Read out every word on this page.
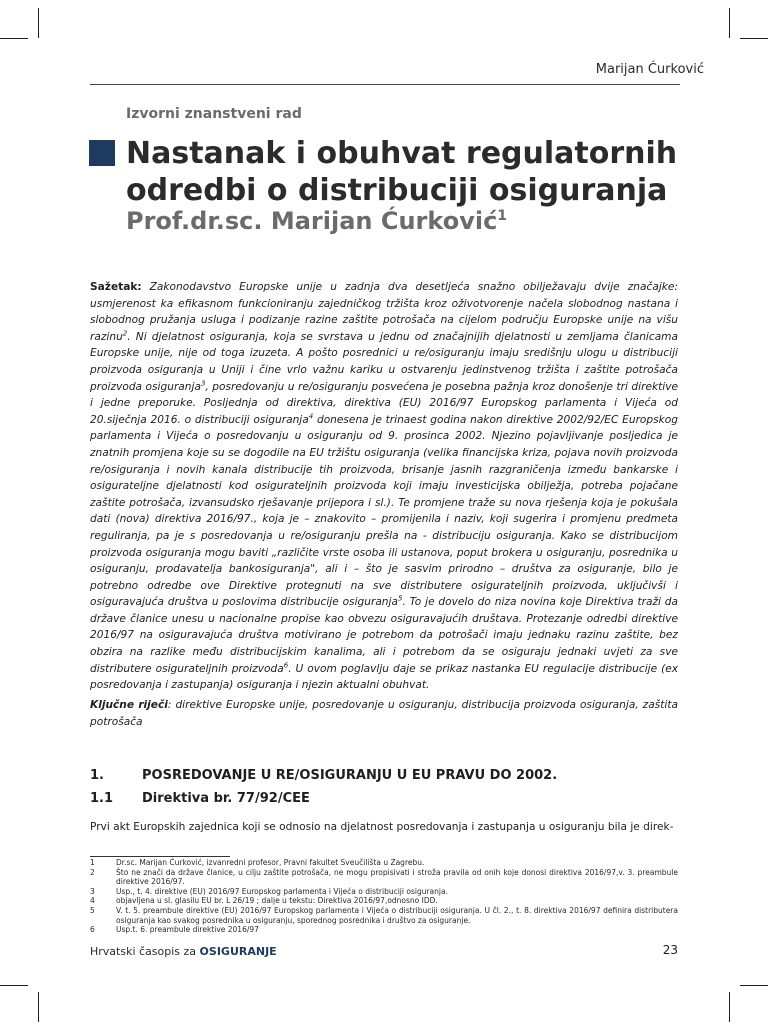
Marijan Ćurković
Izvorni znanstveni rad
Nastanak i obuhvat regulatornih odredbi o distribuciji osiguranja
Prof.dr.sc. Marijan Ćurković$^1$
Sažetak: Zakonodavstvo Europske unije u zadnja dva desetljeća snažno obilježavaju dvije značajke: usmjerenost ka efikasnom funkcioniranju zajedničkog tržišta kroz oživotvorenje načela slobodnog nastana i slobodnog pružanja usluga i podizanje razine zaštite potrošača na cijelom području Europske unije na višu razinu$^2$. Ni djelatnost osiguranja, koja se svrstava u jednu od značajnijih djelatnosti u zemljama članicama Europske unije, nije od toga izuzeta. A pošto posrednici u re/osiguranju imaju središnju ulogu u distribuciji proizvoda osiguranja u Uniji i čine vrlo važnu kariku u ostvarenju jedinstvenog tržišta i zaštite potrošača proizvoda osiguranja$^3$, posredovanju u re/osiguranju posvećena je posebna pažnja kroz donošenje tri direktive i jedne preporuke. Posljednja od direktiva, direktiva (EU) 2016/97 Europskog parlamenta i Vijeća od 20.siječnja 2016. o distribuciji osiguranja$^4$ donesena je trinaest godina nakon direktive 2002/92/EC Europskog parlamenta i Vijeća o posredovanju u osiguranju od 9. prosinca 2002. Njezino pojavljivanje posljedica je znatnih promjena koje su se dogodile na EU tržištu osiguranja (velika financijska kriza, pojava novih proizvoda re/osiguranja i novih kanala distribucije tih proizvoda, brisanje jasnih razgraničenja između bankarske i osigurateljne djelatnosti kod osigurateljnih proizvoda koji imaju investicijska obilježja, potreba pojačane zaštite potrošača, izvansudsko rješavanje prijepora i sl.). Te promjene traže su nova rješenja koja je pokušala dati (nova) direktiva 2016/97., koja je – znakovito – promijenila i naziv, koji sugerira i promjenu predmeta reguliranja, pa je s posredovanja u re/osiguranju prešla na - distribuciju osiguranja. Kako se distribucijom proizvoda osiguranja mogu baviti „različite vrste osoba ili ustanova, poput brokera u osiguranju, posrednika u osiguranju, prodavatelja bankosiguranja", ali i – što je sasvim prirodno – društva za osiguranje, bilo je potrebno odredbe ove Direktive protegnuti na sve distributere osigurateljnih proizvoda, uključivši i osiguravajuća društva u poslovima distribucije osiguranja$^5$. To je dovelo do niza novina koje Direktiva traži da države članice unesu u nacionalne propise kao obvezu osiguravajućih društava. Protezanje odredbi direktive 2016/97 na osiguravajuća društva motivirano je potrebom da potrošači imaju jednaku razinu zaštite, bez obzira na razlike među distribucijskim kanalima, ali i potrebom da se osiguraju jednaki uvjeti za sve distributere osigurateljnih proizvoda$^6$. U ovom poglavlju daje se prikaz nastanka EU regulacije distribucije (ex posredovanja i zastupanja) osiguranja i njezin aktualni obuhvat.
Ključne riječi: direktive Europske unije, posredovanje u osiguranju, distribucija proizvoda osiguranja, zaštita potrošača
1.	POSREDOVANJE U RE/OSIGURANJU U EU PRAVU DO 2002.
1.1 Direktiva br. 77/92/CEE
Prvi akt Europskih zajednica koji se odnosio na djelatnost posredovanja i zastupanja u osiguranju bila je direk-
1	Dr.sc. Marijan Ćurković, izvanredni profesor, Pravni fakultet Sveučilišta u Zagrebu.
2	Što ne znači da države članice, u cilju zaštite potrošača, ne mogu propisivati i stroža pravila od onih koje donosi direktiva 2016/97,v. 3. preambule direktive 2016/97.
3	Usp., t. 4. direktive (EU) 2016/97 Europskog parlamenta i Vijeća o distribuciji osiguranja.
4	objavljena u sl. glasilu EU br. L 26/19 ; dalje u tekstu: Direktiva 2016/97,odnosno IDD.
5	V. t. 5. preambule direktive (EU) 2016/97 Europskog parlamenta i Vijeća o distribuciji osiguranja. U čl. 2., t. 8. direktiva 2016/97 definira distributera osiguranja kao svakog posrednika u osiguranju, sporednog posrednika i društvo za osiguranje.
6	Usp.t. 6. preambule direktive 2016/97
Hrvatski časopis za OSIGURANJE	23
